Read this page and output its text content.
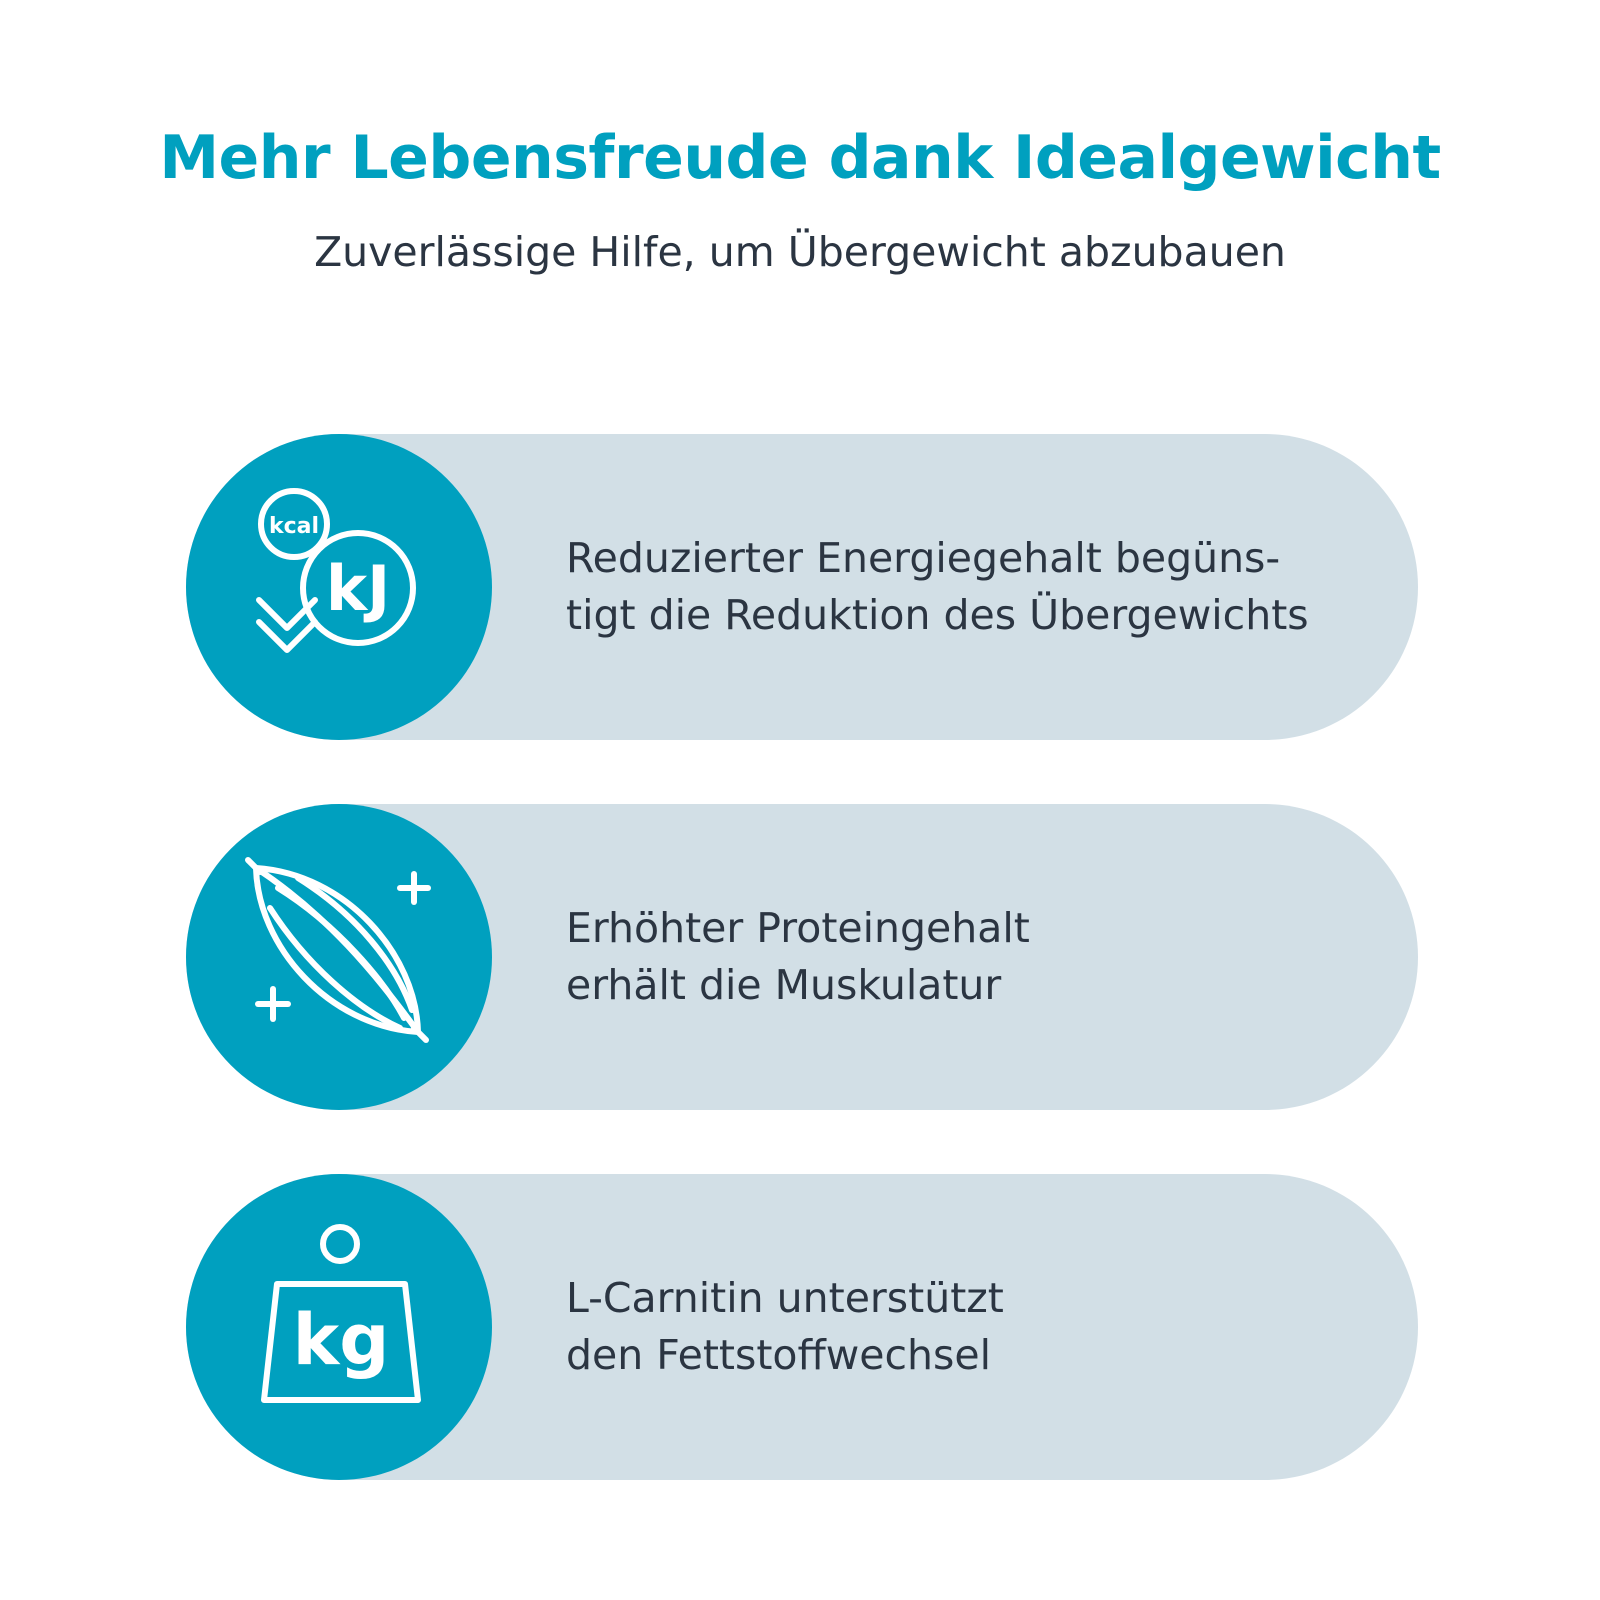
Mehr Lebensfreude dank Idealgewicht

Zuverlässige Hilfe, um Übergewicht abzubauen

kcal
kJ	Reduzierter Energiegehalt begüns-
tigt die Reduktion des Übergewichts
Erhöhter Proteingehalt
erhält die Muskulatur
kg
L-Carnitin unterstützt
den Fettstoffwechsel
